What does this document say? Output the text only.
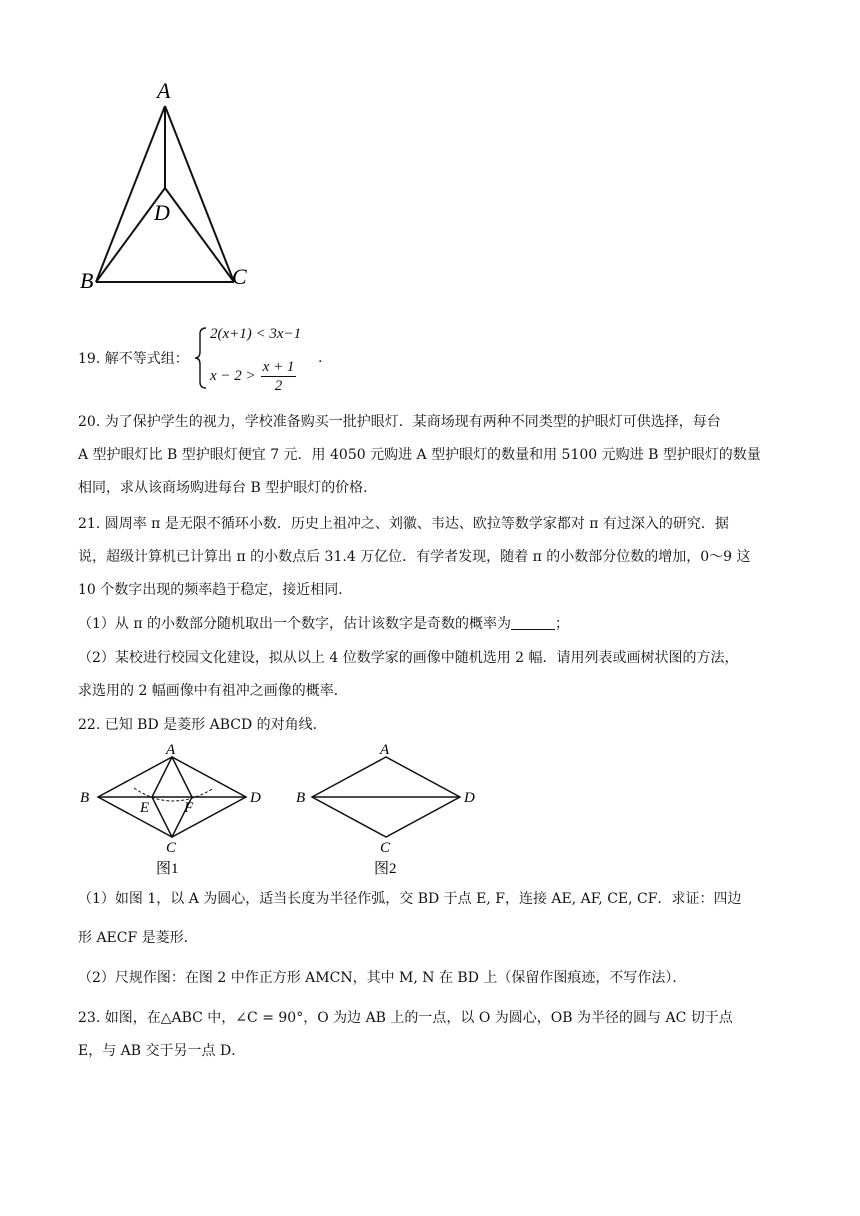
A
D
B	C
19. 解不等式组：
2(x+1) < 3x−1
$x - 2 > \frac{x + 1}{2}$ .
20. 为了保护学生的视力，学校准备购买一批护眼灯．某商场现有两种不同类型的护眼灯可供选择，每台
A 型护眼灯比 B 型护眼灯便宜 7 元．用 4050 元购进 A 型护眼灯的数量和用 5100 元购进 B 型护眼灯的数量
相同，求从该商场购进每台 B 型护眼灯的价格．
21. 圆周率 π 是无限不循环小数．历史上祖冲之、刘徽、韦达、欧拉等数学家都对 π 有过深入的研究．据
说，超级计算机已计算出 π 的小数点后 31.4 万亿位．有学者发现，随着 π 的小数部分位数的增加，0～9 这
10 个数字出现的频率趋于稳定，接近相同．
（1）从 π 的小数部分随机取出一个数字，估计该数字是奇数的概率为	；
（2）某校进行校园文化建设，拟从以上 4 位数学家的画像中随机选用 2 幅．请用列表或画树状图的方法，
求选用的 2 幅画像中有祖冲之画像的概率．
22. 已知 BD 是菱形 ABCD 的对角线．
A
B	D
E F
C
图1
A
B	D
C
图2
（1）如图 1，以 A 为圆心，适当长度为半径作弧，交 BD 于点 E, F，连接 AE, AF, CE, CF．求证：四边
形 AECF 是菱形．
（2）尺规作图：在图 2 中作正方形 AMCN，其中 M, N 在 BD 上（保留作图痕迹，不写作法）．
23. 如图，在△ABC 中，∠C = 90°，O 为边 AB 上的一点，以 O 为圆心，OB 为半径的圆与 AC 切于点
E，与 AB 交于另一点 D．
